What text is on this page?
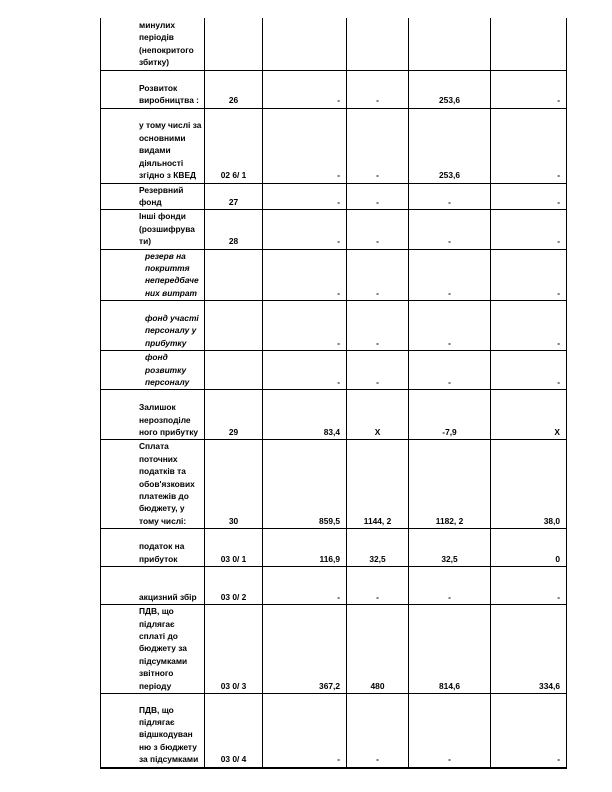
минулих періодів (непокритого збитку)					
Розвиток виробництва :	26	-	-	253,6	-
у тому числі за основними видами діяльності згідно з КВЕД	02 6/ 1	-	-	253,6	-
Резервний фонд	27	-	-	-	-
Інші фонди (розшифрува ти)	28	-	-	-	-
резерв на покриття непередбаче них витрат		-	-	-	-
фонд участі персоналу у прибутку		-	-	-	-
фонд розвитку персоналу		-	-	-	-
Залишок нерозподіле ного прибутку	29	83,4	X	-7,9	X
Сплата поточних податків та обов'язкових платежів до бюджету, у тому числі:	30	859,5	1144, 2	1182, 2	38,0
податок на прибуток	03 0/ 1	116,9	32,5	32,5	0
акцизний збір	03 0/ 2	-	-	-	-
ПДВ, що підлягає сплаті до бюджету за підсумками звітного періоду	03 0/ 3	367,2	480	814,6	334,6
ПДВ, що підлягає відшкодуван ню з бюджету за підсумками	03 0/ 4	-	-	-	-
